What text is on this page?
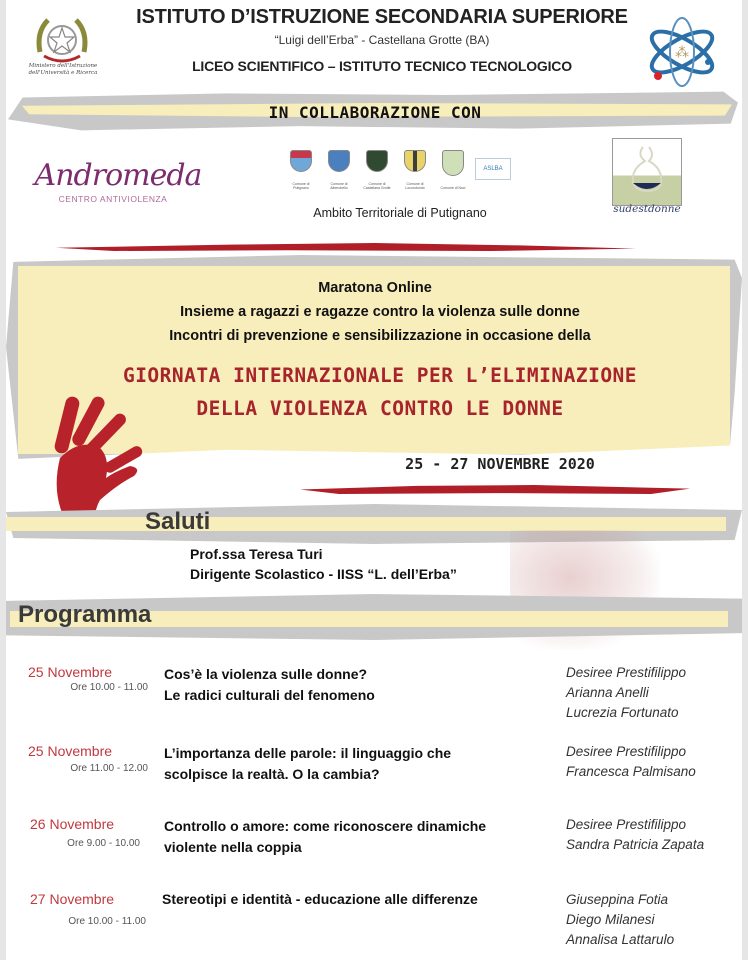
Ministero dell'Istruzione dell'Università e Ricerca
ISTITUTO D’ISTRUZIONE SECONDARIA SUPERIORE
“Luigi dell’Erba” - Castellana Grotte (BA)
LICEO SCIENTIFICO – ISTITUTO TECNICO TECNOLOGICO
⁂
IN COLLABORAZIONE CON
Andromeda
CENTRO ANTIVIOLENZA
Comune di Putignano
Comune di Alberobello
Comune di Castellana Grotte
Comune di Locorotondo	Comune di Noci
ASLBA
Ambito Territoriale di Putignano	sudestdonne
Maratona Online
Insieme a ragazzi e ragazze contro la violenza sulle donne
Incontri di prevenzione e sensibilizzazione in occasione della
GIORNATA INTERNAZIONALE PER L’ELIMINAZIONE
DELLA VIOLENZA CONTRO LE DONNE
25 - 27 NOVEMBRE 2020
Saluti
Prof.ssa Teresa Turi
Dirigente Scolastico - IISS “L. dell’Erba”
Programma
25 Novembre
Ore 10.00 - 11.00
Cos’è la violenza sulle donne?
Le radici culturali del fenomeno
Desiree Prestifilippo
Arianna Anelli
Lucrezia Fortunato
25 Novembre
Ore 11.00 - 12.00
L’importanza delle parole: il linguaggio che
scolpisce la realtà. O la cambia?
Desiree Prestifilippo
Francesca Palmisano
26 Novembre
Ore 9.00 - 10.00
Controllo o amore: come riconoscere dinamiche
violente nella coppia
Desiree Prestifilippo
Sandra Patricia Zapata
27 Novembre
Ore 10.00 - 11.00
Stereotipi e identità - educazione alle differenze	Giuseppina Fotia
Diego Milanesi
Annalisa Lattarulo
